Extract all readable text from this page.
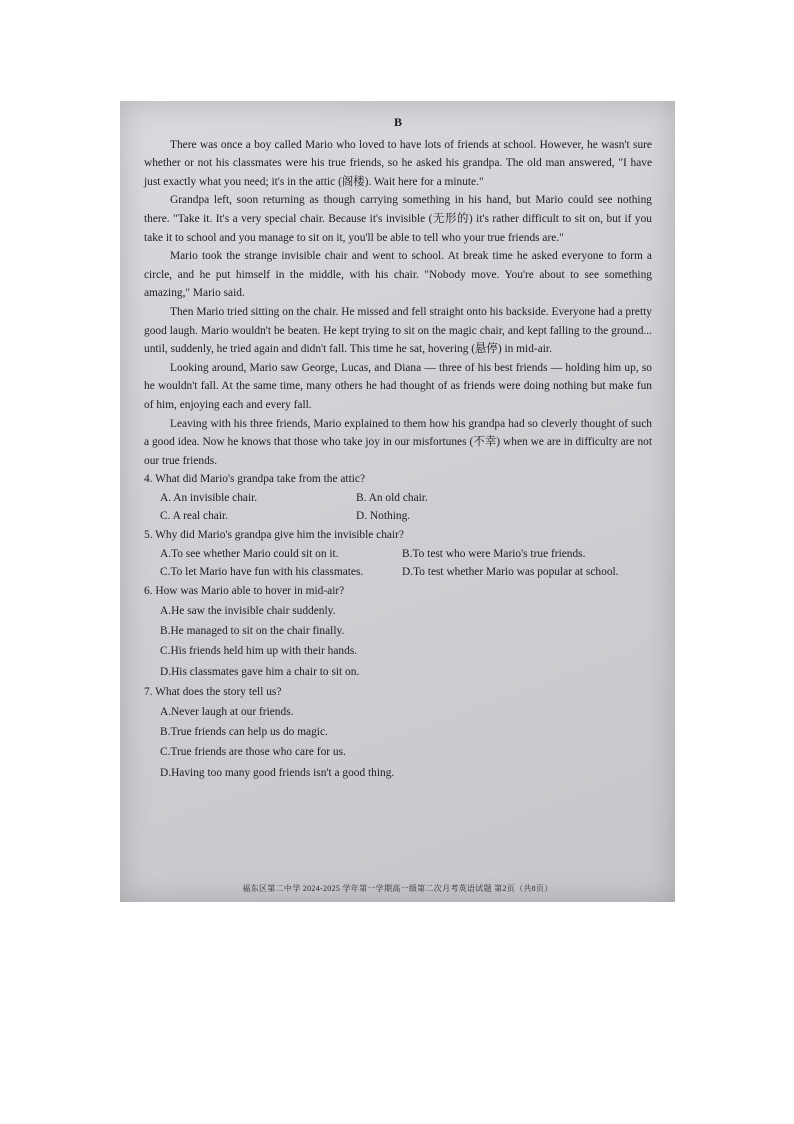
B

There was once a boy called Mario who loved to have lots of friends at school. However, he wasn't sure whether or not his classmates were his true friends, so he asked his grandpa. The old man answered, "I have just exactly what you need; it's in the attic (阁楼). Wait here for a minute."

Grandpa left, soon returning as though carrying something in his hand, but Mario could see nothing there. "Take it. It's a very special chair. Because it's invisible (无形的) it's rather difficult to sit on, but if you take it to school and you manage to sit on it, you'll be able to tell who your true friends are."

Mario took the strange invisible chair and went to school. At break time he asked everyone to form a circle, and he put himself in the middle, with his chair. "Nobody move. You're about to see something amazing," Mario said.

Then Mario tried sitting on the chair. He missed and fell straight onto his backside. Everyone had a pretty good laugh. Mario wouldn't be beaten. He kept trying to sit on the magic chair, and kept falling to the ground... until, suddenly, he tried again and didn't fall. This time he sat, hovering (悬停) in mid-air.

Looking around, Mario saw George, Lucas, and Diana — three of his best friends — holding him up, so he wouldn't fall. At the same time, many others he had thought of as friends were doing nothing but make fun of him, enjoying each and every fall.

Leaving with his three friends, Mario explained to them how his grandpa had so cleverly thought of such a good idea. Now he knows that those who take joy in our misfortunes (不幸) when we are in difficulty are not our true friends.

4. What did Mario's grandpa take from the attic?

A. An invisible chair.	B. An old chair.
C. A real chair.	D. Nothing.

5. Why did Mario's grandpa give him the invisible chair?

A.To see whether Mario could sit on it.	B.To test who were Mario's true friends.
C.To let Mario have fun with his classmates.	D.To test whether Mario was popular at school.

6. How was Mario able to hover in mid-air?

A.He saw the invisible chair suddenly.
B.He managed to sit on the chair finally.
C.His friends held him up with their hands.
D.His classmates gave him a chair to sit on.

7. What does the story tell us?

A.Never laugh at our friends.
B.True friends can help us do magic.
C.True friends are those who care for us.
D.Having too many good friends isn't a good thing.
福东区第二中学 2024-2025 学年第一学期高一级第二次月考英语试题 第2页（共8页）
